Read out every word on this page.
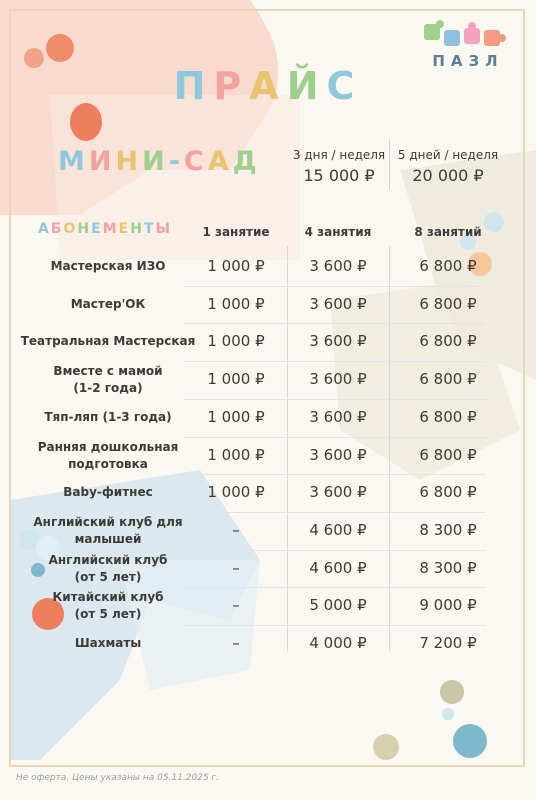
ПАЗЛ
ПРАЙС
МИНИ-САД	3 дня / неделя
15 000 ₽
5 дней / неделя
20 000 ₽
АБОНЕМЕНТЫ	1 занятие	4 занятия	8 занятий
Мастерская ИЗО	1 000 ₽	3 600 ₽	6 800 ₽
Мастер'ОК	1 000 ₽	3 600 ₽	6 800 ₽
Театральная Мастерская 1 000 ₽	3 600 ₽	6 800 ₽
Вместе с мамой
(1-2 года)	1 000 ₽	3 600 ₽	6 800 ₽
Тяп-ляп (1-3 года)	1 000 ₽	3 600 ₽	6 800 ₽
Ранняя дошкольная
подготовка	1 000 ₽	3 600 ₽	6 800 ₽
Baby-фитнес	1 000 ₽	3 600 ₽	6 800 ₽
Английский клуб для
малышей	–	4 600 ₽	8 300 ₽
Английский клуб
(от 5 лет)	–	4 600 ₽	8 300 ₽
Китайский клуб
(от 5 лет)	–	5 000 ₽	9 000 ₽
Шахматы	–	4 000 ₽	7 200 ₽
Не оферта. Цены указаны на 05.11.2025 г.
